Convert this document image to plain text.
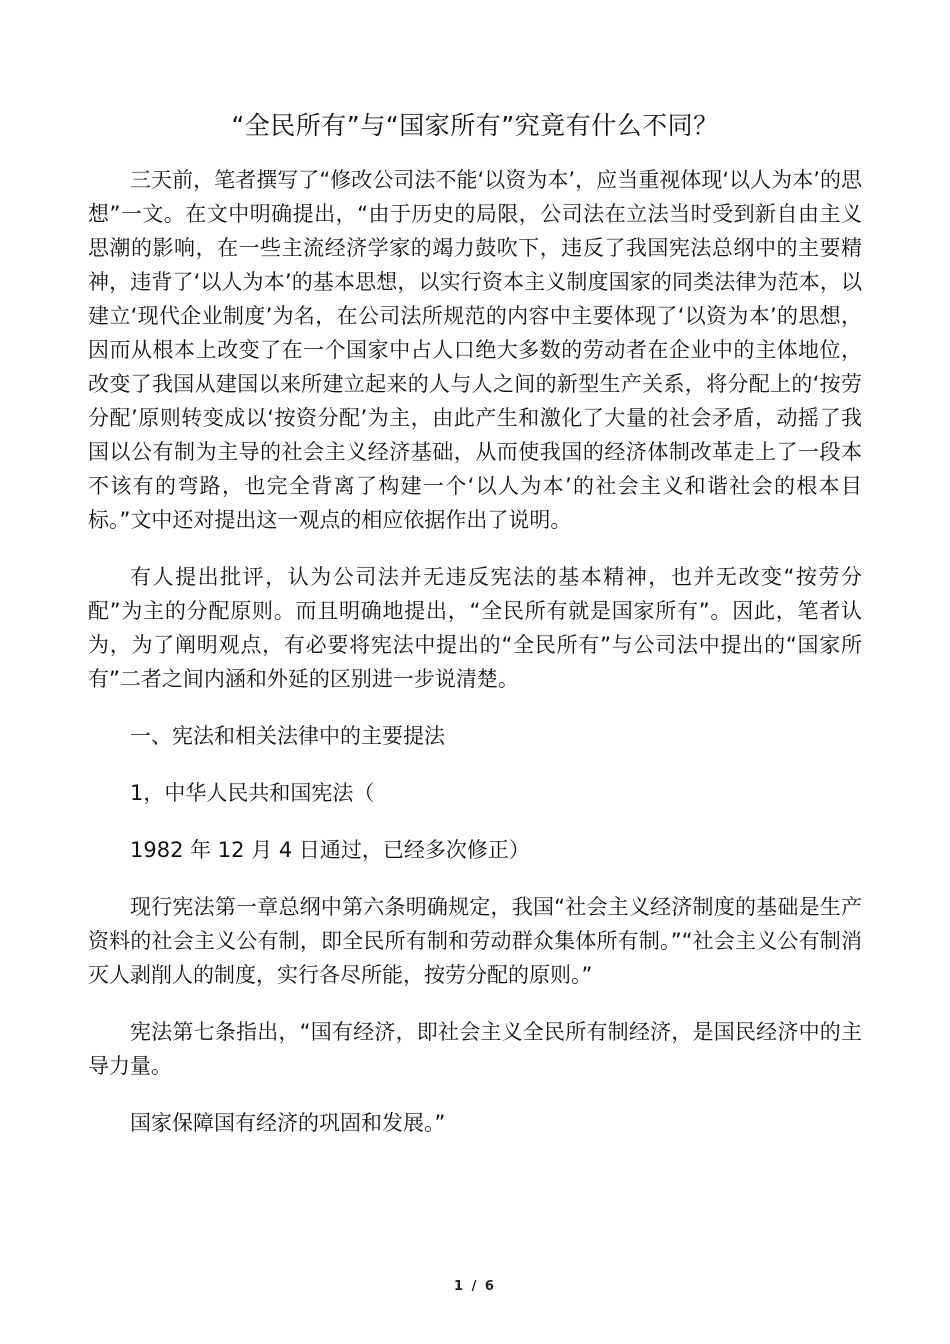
“全民所有”与“国家所有”究竟有什么不同？

三天前，笔者撰写了“修改公司法不能‘以资为本’，应当重视体现‘以人为本’的思想”一文。在文中明确提出，“由于历史的局限，公司法在立法当时受到新自由主义思潮的影响，在一些主流经济学家的竭力鼓吹下，违反了我国宪法总纲中的主要精神，违背了‘以人为本’的基本思想，以实行资本主义制度国家的同类法律为范本，以建立‘现代企业制度’为名，在公司法所规范的内容中主要体现了‘以资为本’的思想，因而从根本上改变了在一个国家中占人口绝大多数的劳动者在企业中的主体地位，改变了我国从建国以来所建立起来的人与人之间的新型生产关系，将分配上的‘按劳分配’原则转变成以‘按资分配’为主，由此产生和激化了大量的社会矛盾，动摇了我国以公有制为主导的社会主义经济基础，从而使我国的经济体制改革走上了一段本不该有的弯路，也完全背离了构建一个‘以人为本’的社会主义和谐社会的根本目标。”文中还对提出这一观点的相应依据作出了说明。

有人提出批评，认为公司法并无违反宪法的基本精神，也并无改变“按劳分配”为主的分配原则。而且明确地提出，“全民所有就是国家所有”。因此，笔者认为，为了阐明观点，有必要将宪法中提出的“全民所有”与公司法中提出的“国家所有”二者之间内涵和外延的区别进一步说清楚。

一、宪法和相关法律中的主要提法

1，中华人民共和国宪法（

1982 年 12 月 4 日通过，已经多次修正）

现行宪法第一章总纲中第六条明确规定，我国“社会主义经济制度的基础是生产资料的社会主义公有制，即全民所有制和劳动群众集体所有制。”“社会主义公有制消灭人剥削人的制度，实行各尽所能，按劳分配的原则。”

宪法第七条指出，“国有经济，即社会主义全民所有制经济，是国民经济中的主导力量。

国家保障国有经济的巩固和发展。”

1 / 6
